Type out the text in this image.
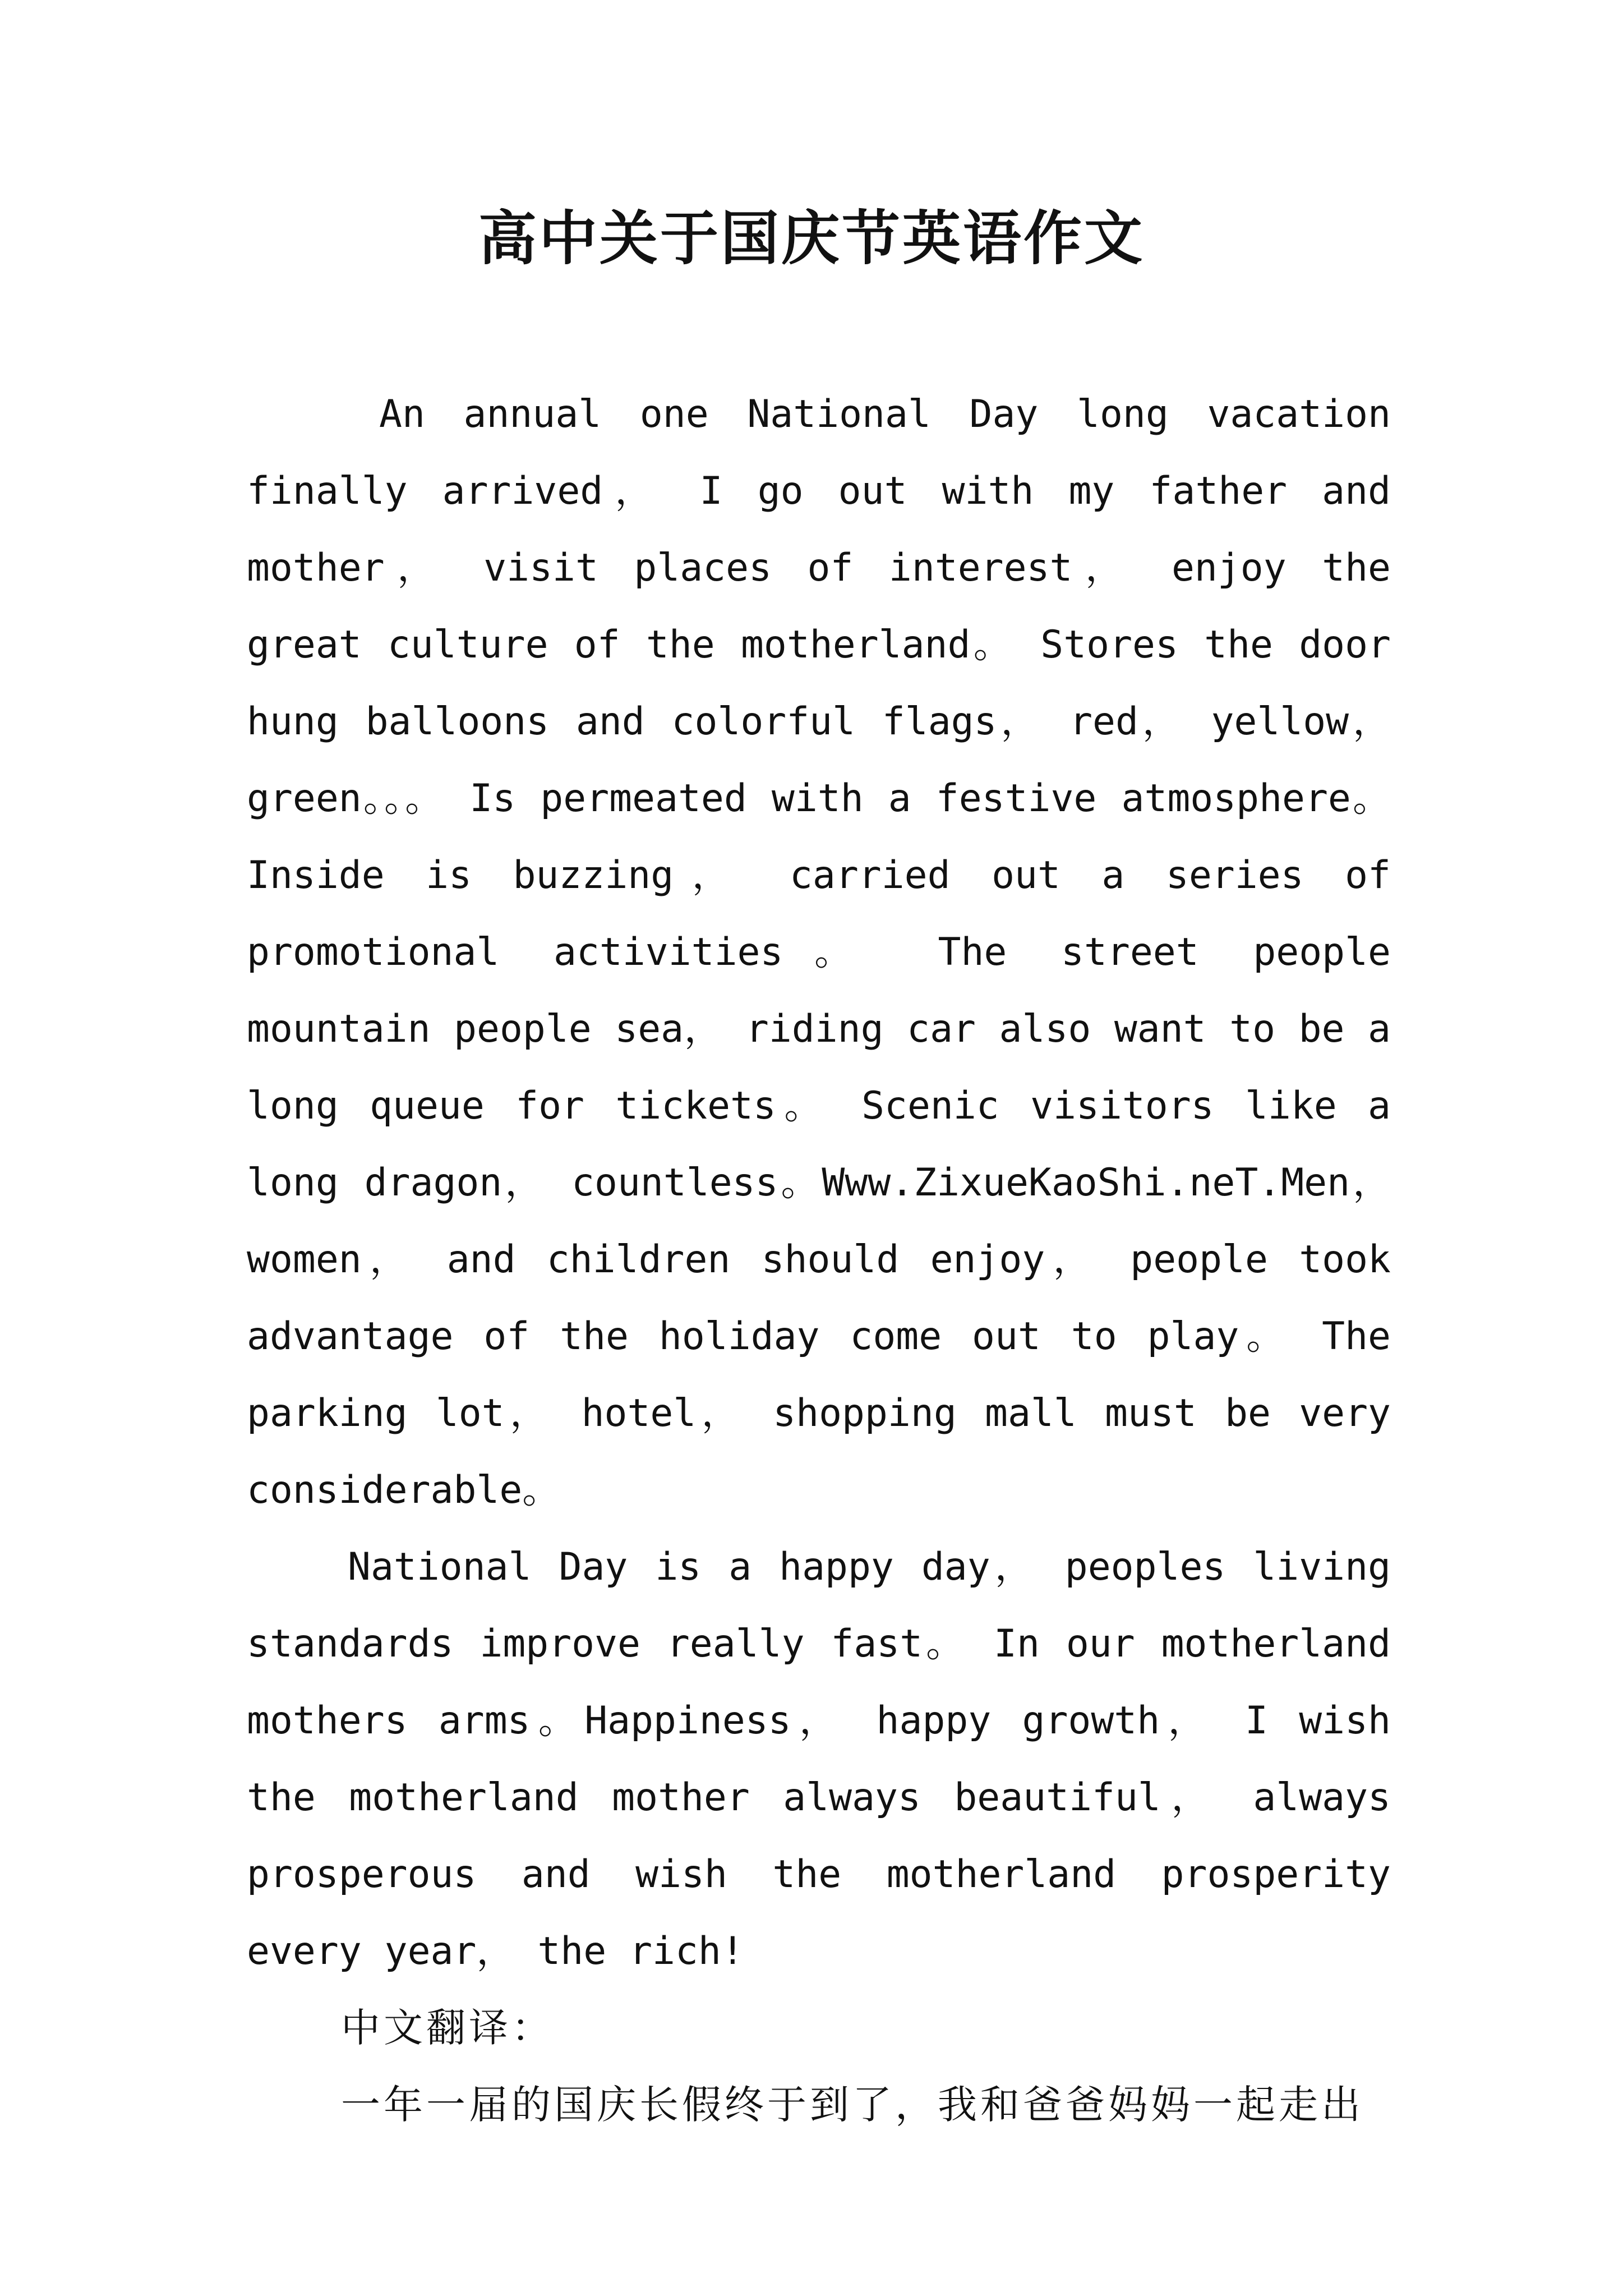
高中关于国庆节英语作文

An annual one National Day long vacation finally arrived， I go out with my father and mother， visit places of interest， enjoy the great culture of the motherland。 Stores the door hung balloons and colorful flags， red， yellow， green。。。 Is permeated with a festive atmosphere。 Inside is buzzing， carried out a series of promotional activities。 The street people mountain people sea， riding car also want to be a long queue for tickets。 Scenic visitors like a long dragon， countless。Www.ZixueKaoShi.neT.Men， women， and children should enjoy， people took advantage of the holiday come out to play。 The parking lot， hotel， shopping mall must be very considerable。

National Day is a happy day， peoples living standards improve really fast。 In our motherland mothers arms。Happiness， happy growth， I wish the motherland mother always beautiful， always prosperous and wish the motherland prosperity every year， the rich!

中文翻译：

一年一届的国庆长假终于到了，我和爸爸妈妈一起走出
